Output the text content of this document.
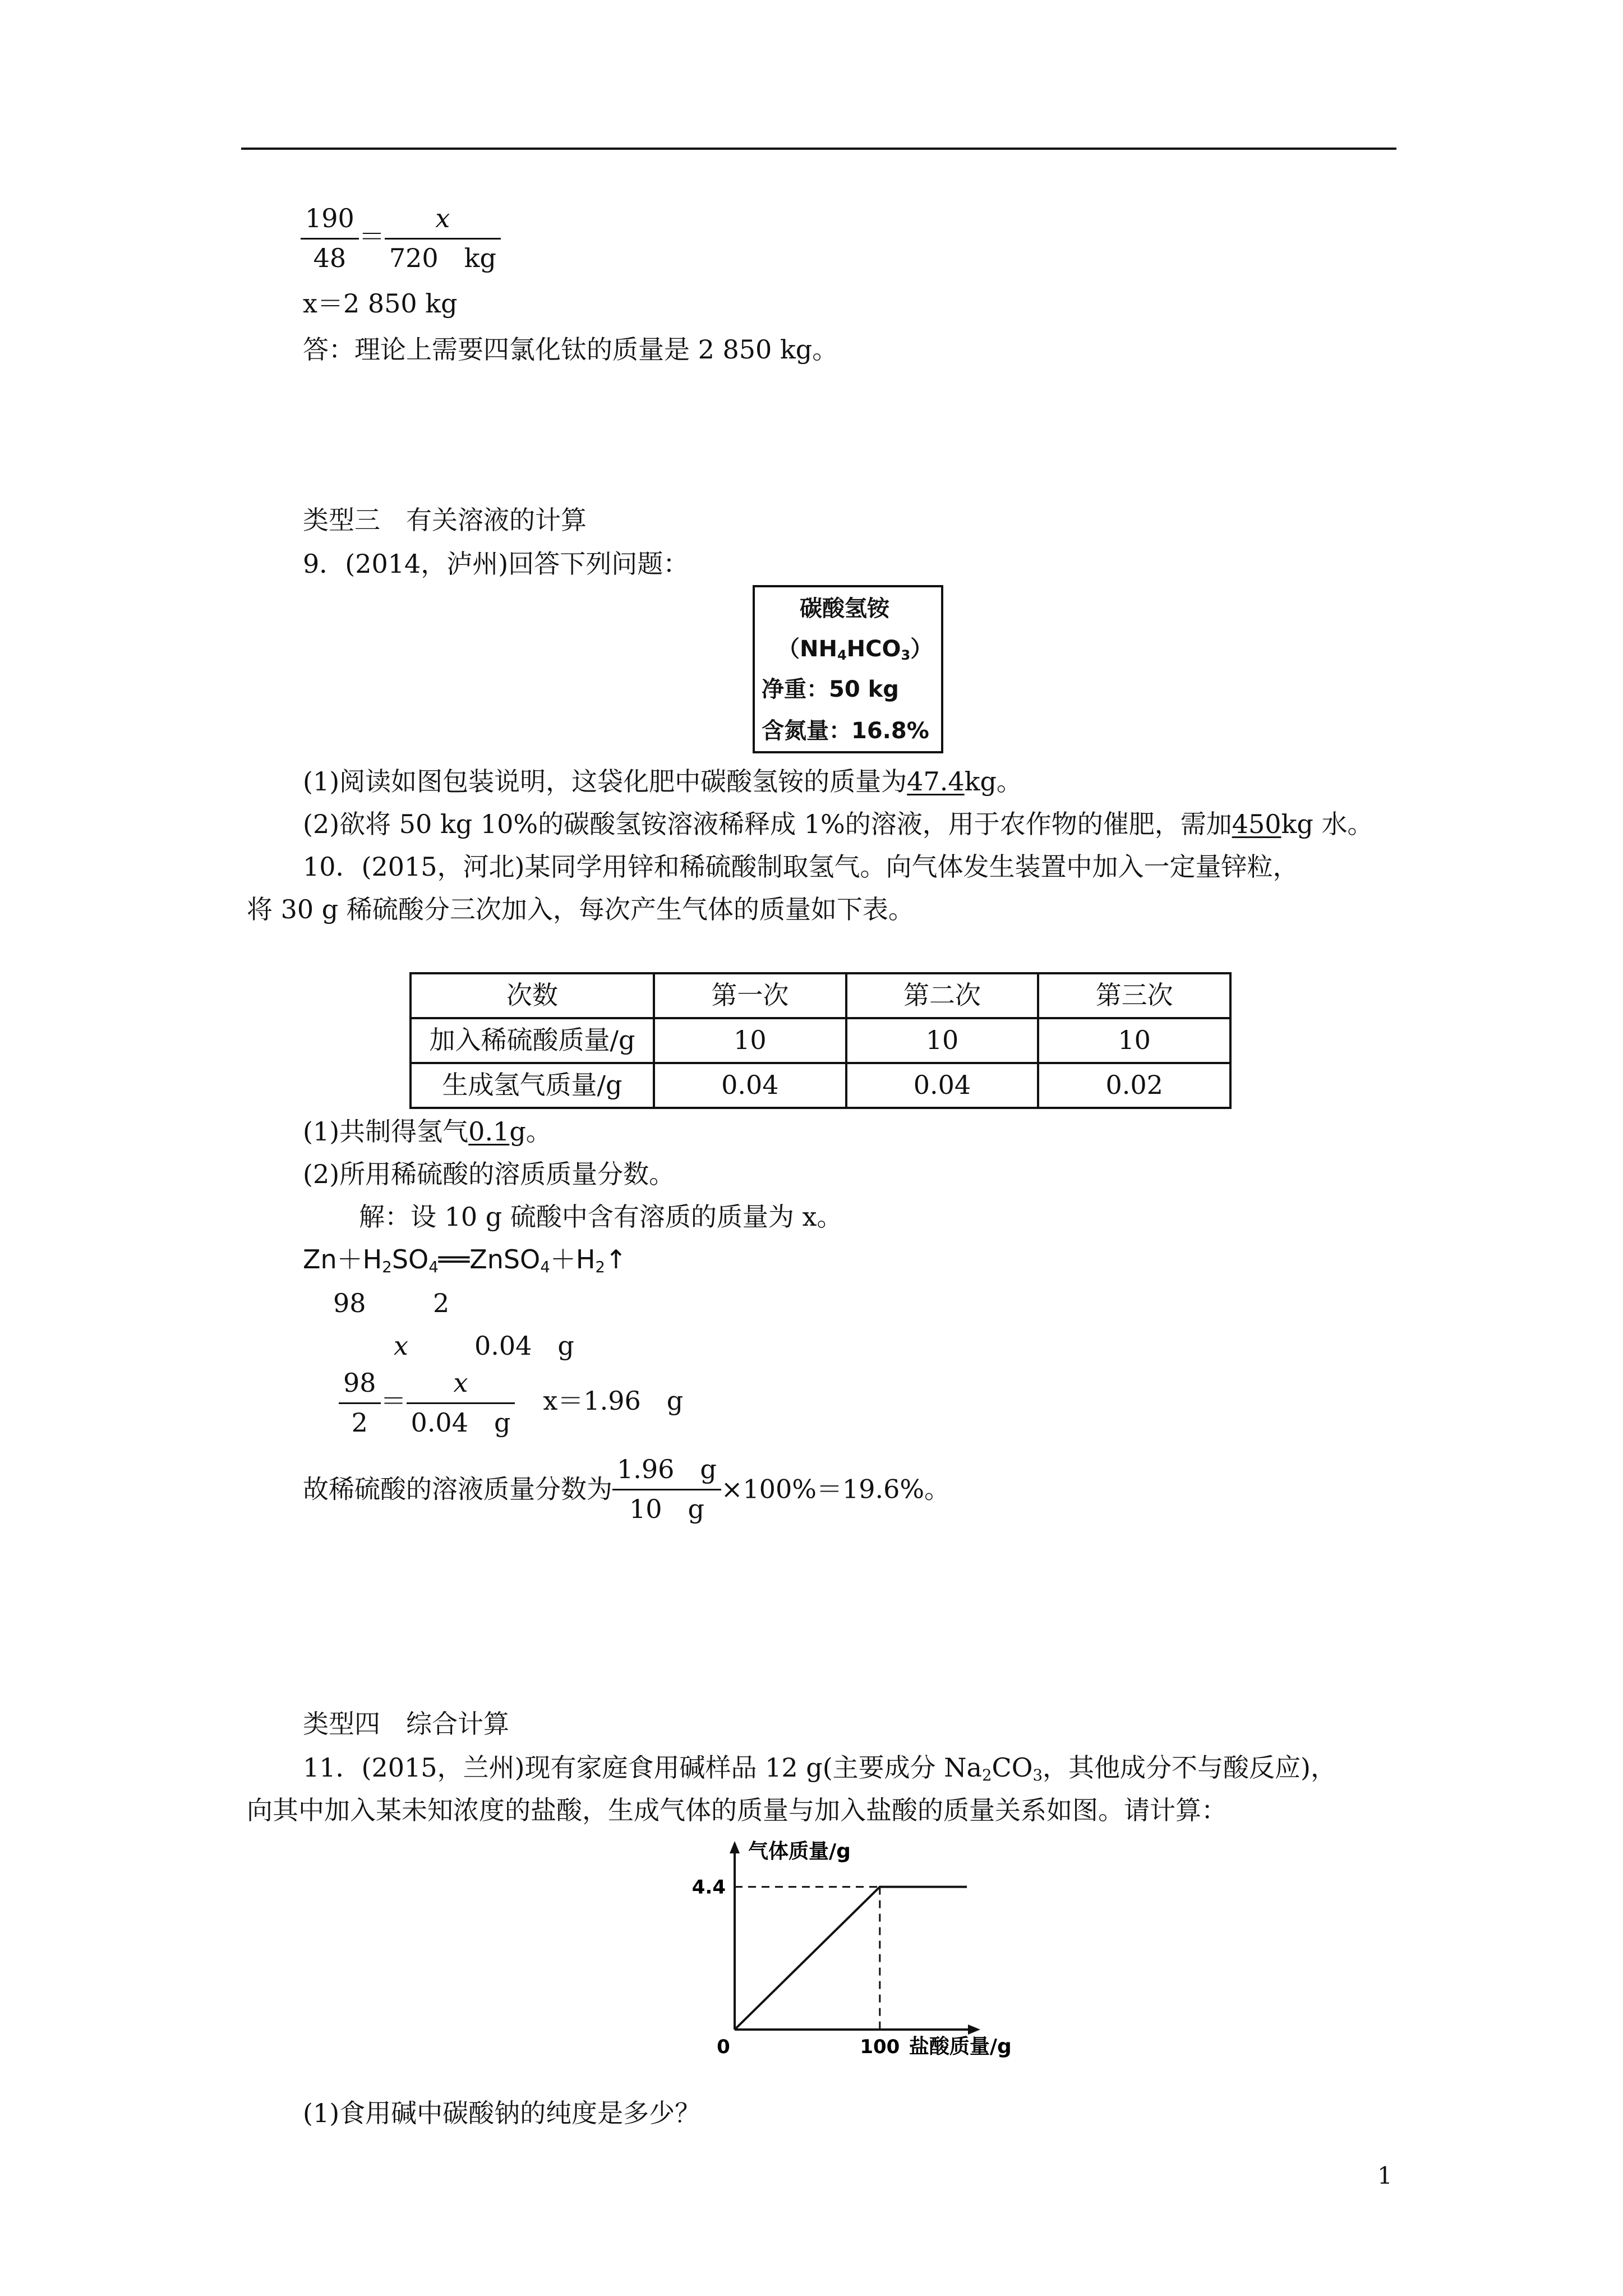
$\frac{190}{48} = \frac{x}{720 kg}$
x＝2 850 kg
答：理论上需要四氯化钛的质量是 2 850 kg。
类型三　有关溶液的计算
9．(2014，泸州)回答下列问题：
碳酸氢铵
$(NH_4HCO_3)$
净重：50 kg
含氮量：16.8%
(1)阅读如图包装说明，这袋化肥中碳酸氢铵的质量为47.4kg。
(2)欲将 50 kg 10%的碳酸氢铵溶液稀释成 1%的溶液，用于农作物的催肥，需加450kg 水。
10．(2015，河北)某同学用锌和稀硫酸制取氢气。向气体发生装置中加入一定量锌粒，
将 30 g 稀硫酸分三次加入，每次产生气体的质量如下表。
次数	第一次	第二次	第三次
加入稀硫酸质量/g	10	10	10
生成氢气质量/g	0.04	0.04	0.02
(1)共制得氢气0.1g。
(2)所用稀硫酸的溶质质量分数。
解：设 10 g 硫酸中含有溶质的质量为 x。
$Zn+H_2SO_4══ZnSO_4+H_2↑$
98	2
x	0.04　g
$\frac{98}{2} = \frac{x}{0.04 g} x=1.96$　g
故稀硫酸的溶液质量分数为 $\frac{1.96 g}{10 g} \times 100\%=19.6\%$。
类型四　综合计算
11．(2015，兰州)现有家庭食用碱样品 12 g(主要成分 $Na_2CO_3$，其他成分不与酸反应)，
向其中加入某未知浓度的盐酸，生成气体的质量与加入盐酸的质量关系如图。请计算：
气体质量/g
0	100 盐酸质量/g
4.4
(1)食用碱中碳酸钠的纯度是多少？
1
